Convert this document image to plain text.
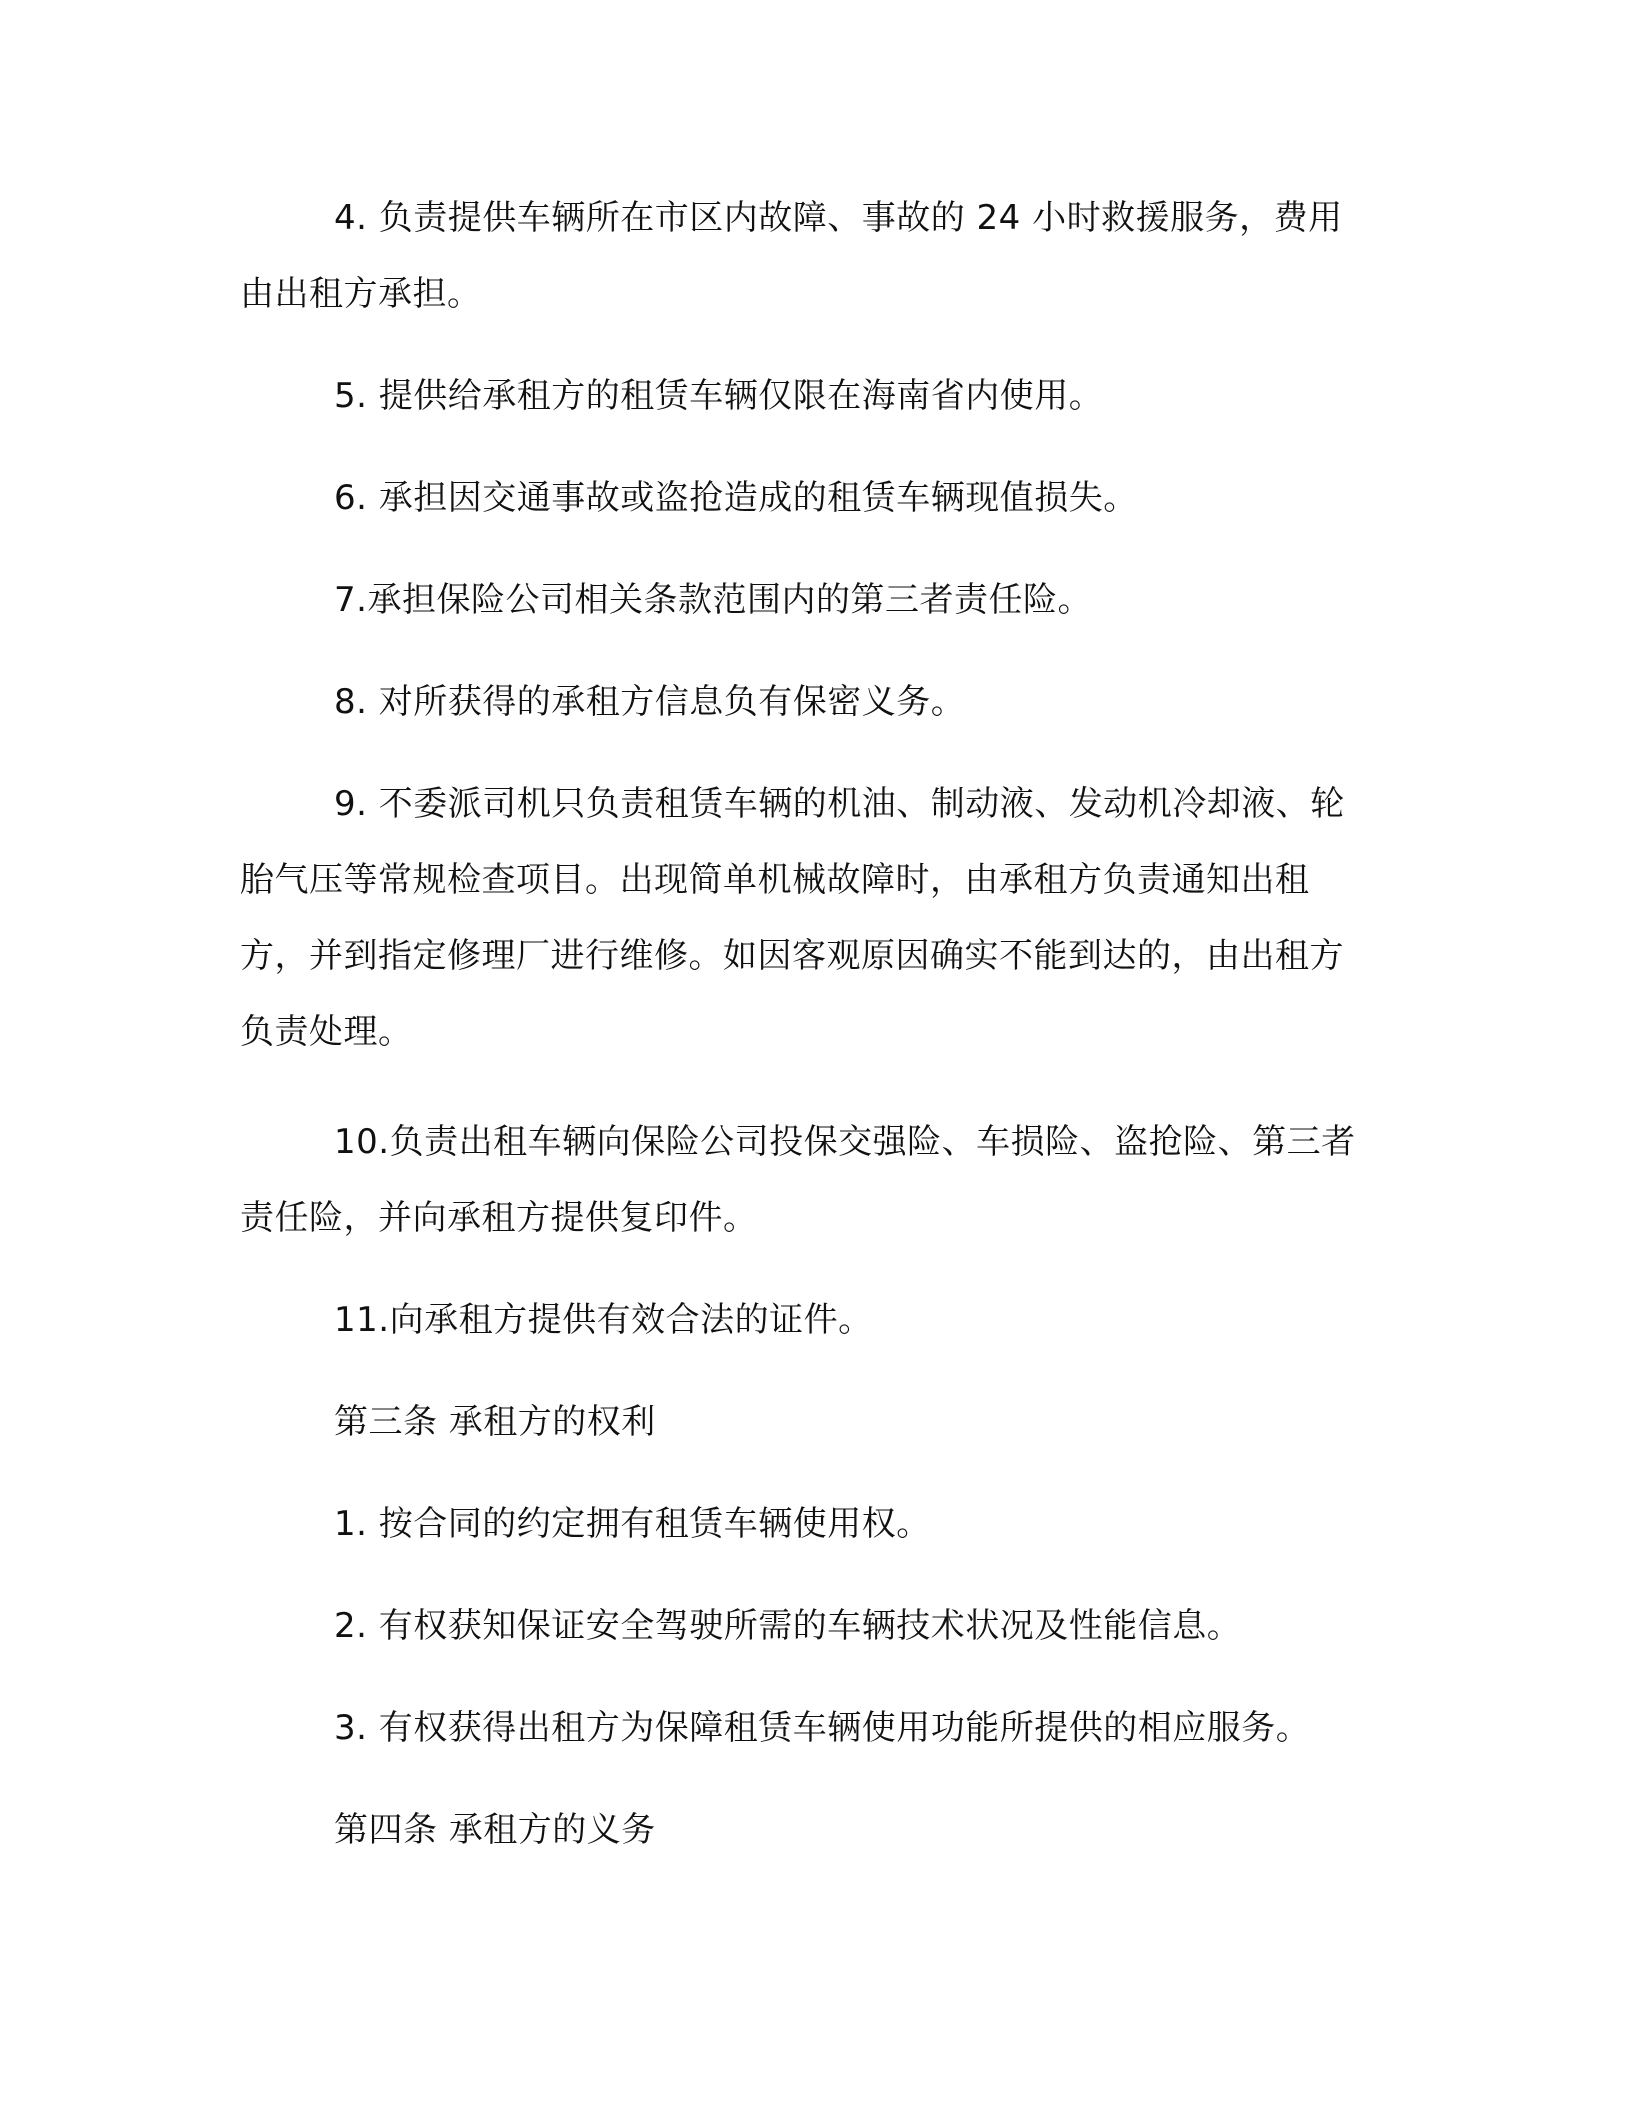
4. 负责提供车辆所在市区内故障、事故的 24 小时救援服务，费用由出租方承担。

5. 提供给承租方的租赁车辆仅限在海南省内使用。

6. 承担因交通事故或盗抢造成的租赁车辆现值损失。

7.承担保险公司相关条款范围内的第三者责任险。

8. 对所获得的承租方信息负有保密义务。

9. 不委派司机只负责租赁车辆的机油、制动液、发动机冷却液、轮胎气压等常规检查项目。出现简单机械故障时，由承租方负责通知出租方，并到指定修理厂进行维修。如因客观原因确实不能到达的，由出租方负责处理。

10.负责出租车辆向保险公司投保交强险、车损险、盗抢险、第三者责任险，并向承租方提供复印件。

11.向承租方提供有效合法的证件。

第三条 承租方的权利

1. 按合同的约定拥有租赁车辆使用权。

2. 有权获知保证安全驾驶所需的车辆技术状况及性能信息。

3. 有权获得出租方为保障租赁车辆使用功能所提供的相应服务。

第四条 承租方的义务
